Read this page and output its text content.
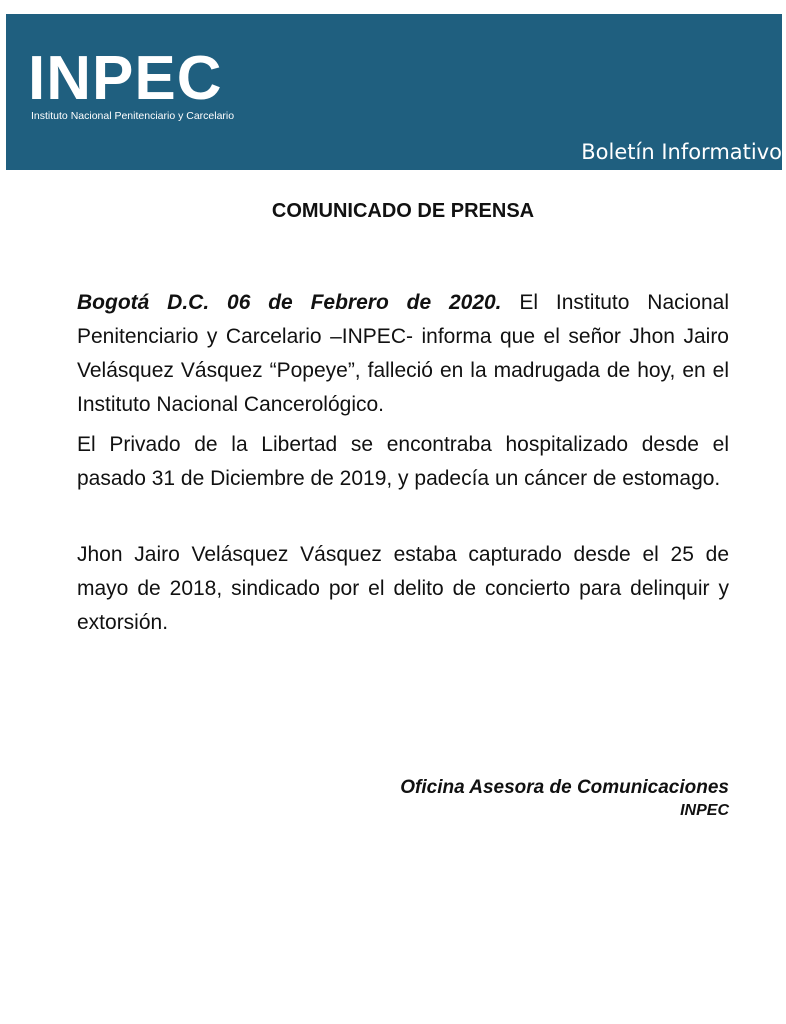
INPEC
Instituto Nacional Penitenciario y Carcelario
Boletín Informativo
COMUNICADO DE PRENSA

Bogotá D.C. 06 de Febrero de 2020. El Instituto Nacional Penitenciario y Carcelario –INPEC- informa que el señor Jhon Jairo Velásquez Vásquez “Popeye”, falleció en la madrugada de hoy, en el Instituto Nacional Cancerológico.

El Privado de la Libertad se encontraba hospitalizado desde el pasado 31 de Diciembre de 2019, y padecía un cáncer de estomago.

Jhon Jairo Velásquez Vásquez estaba capturado desde el 25 de mayo de 2018, sindicado por el delito de concierto para delinquir y extorsión.

Oficina Asesora de Comunicaciones
INPEC
